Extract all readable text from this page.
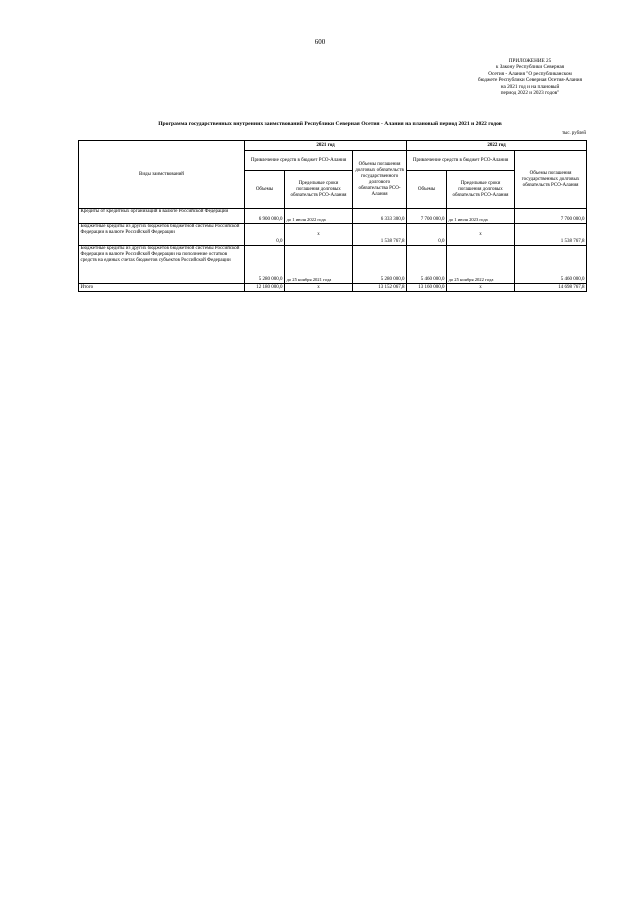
600
ПРИЛОЖЕНИЕ 25
к Закону Республики Северная
Осетия - Алания "О республиканском
бюджете Республики Северная Осетия-Алания
на 2021 год и на плановый
период 2022 и 2023 годов"
Программа государственных внутренних заимствований Республики Северная Осетия - Алания на плановый период 2021 и 2022 годов
тыс. рублей
Виды заимствований	2021 год			2022 год		
	Привлечение средств в бюджет РСО-Алания		Объемы погашения долговых обязательств государственного долгового обязательства РСО-Алания	Привлечение средств в бюджет РСО-Алания		Объемы погашения государственных долговых обязательств РСО-Алания
	Объемы	Предельные сроки погашения долговых обязательств РСО-Алания		Объемы	Предельные сроки погашения долговых обязательств РСО-Алания	
Кредиты от кредитных организаций в валюте Российской Федерации	6 900 000,0	до 1 июля 2022 года	6 333 300,0	7 700 000,0	до 1 июля 2023 года	7 700 000,0
Бюджетные кредиты из других бюджетов бюджетной системы Российской Федерации в валюте Российской Федерации	0,0	x	1 538 767,8	0,0	x	1 538 767,8
Бюджетные кредиты из других бюджетов бюджетной системы Российской Федерации в валюте Российской Федерации на пополнение остатков средств на единых счетах бюджетов субъектов Российской Федерации	5 280 000,0	до 25 ноября 2021 года	5 280 000,0	5 460 000,0	до 25 ноября 2022 года	5 460 000,0
Итого	12 180 000,0	x	13 152 067,8	13 160 000,0	x	14 698 767,8
